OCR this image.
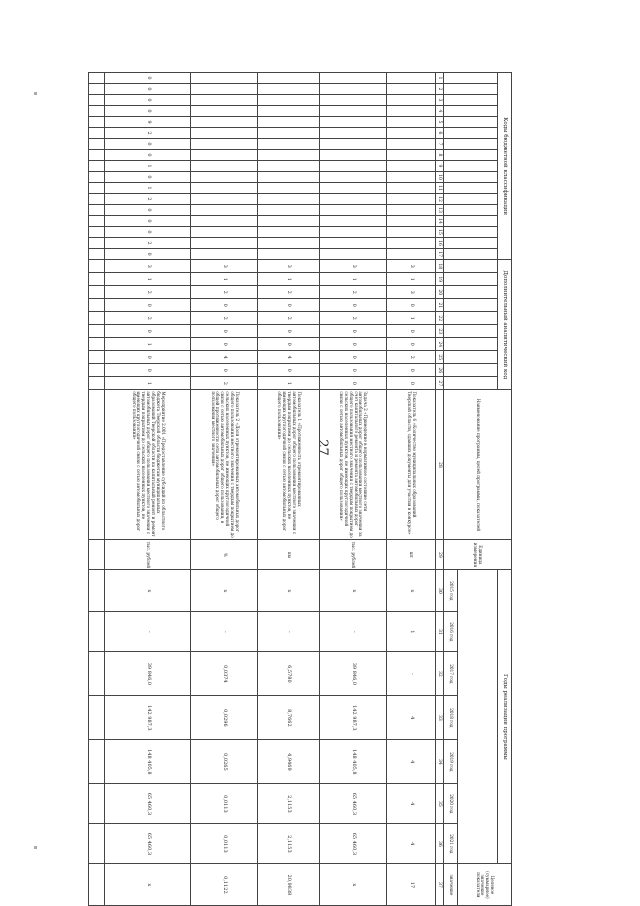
27
Коды бюджетной классификации																	Дополнительный аналитический код										Наименование программы, целей программы, показателей	Единица измерения	Годы реализации программы							Целевое (суммарное) значение показателя

																													2015 год	2016 год	2017 год	2018 год	2019 год	2020 год	2021 год	значение
1	2	3	4	5	6	7	8	9	10	11	12	13	14	15	16	17	18	19	20	21	22	23	24	25	26	27	28	29	30	31	32	33	34	35	36	37
																	3	1	3	0	1	0	0	2	0	0	Показатель 6 «Количество муниципальных образований Тверской области, сдавших документы для участия в конкурсе»	шт	x	1	-	4	4	4	4	17
																	3	1	2	0	2	0	0	0	0	0	Задача 2 «Приведение в нормативное состояние сети автомобильных дорог общего пользования местного значения за счет капитального ремонта и ремонта автомобильных дорог общего пользования местного значения с твердым покрытием до сельских населенных пунктов, не имеющих круглогодичной связи с сетью автомобильных дорог общего пользования»	тыс. рублей	x	-	39 846,0	142 987,3	148 405,8	65 460,3	65 460,3	x
																	3	1	2	0	2	0	0	4	0	1	Показатель 1 «Протяженность отремонтированных автомобильных дорог общего пользования местного значения с твердым покрытием до сельских населенных пунктов, не имеющих круглогодичной связи с сетью автомобильных дорог общего пользования»	км	x	-	6,5780	8,7662	4,9469	2,1153	2,1153	20,9838
																	3	1	2	0	2	0	0	4	0	2	Показатель 2 «Доля отремонтированных автомобильных дорог общего пользования местного значения с твердым покрытием до сельских населенных пунктов, не имеющих круглогодичной связи с сетью автомобильных дорог общего пользования, в общей протяженности сети автомобильных дорог общего пользования местного значения»	%	x	-	0,0374	0,0296	0,0265	0,0113	0,0113	0,1122
0	0	0	0	9	2	0	0	1	0	1	2	0	0	0	2	0	3	1	2	0	2	0	1	0	0	1	Мероприятие 2.001 «Предоставление субсидий из областного бюджета Тверской области бюджетам муниципальных образований Тверской области на капитальный ремонт и ремонт автомобильных дорог общего пользования местного значения с твердым покрытием до сельских населенных пунктов, не имеющих круглогодичной связи с сетью автомобильных дорог общего пользования»	тыс. рублей	x	-	39 846,0	142 987,3	148 405,8	65 460,3	65 460,3	x
